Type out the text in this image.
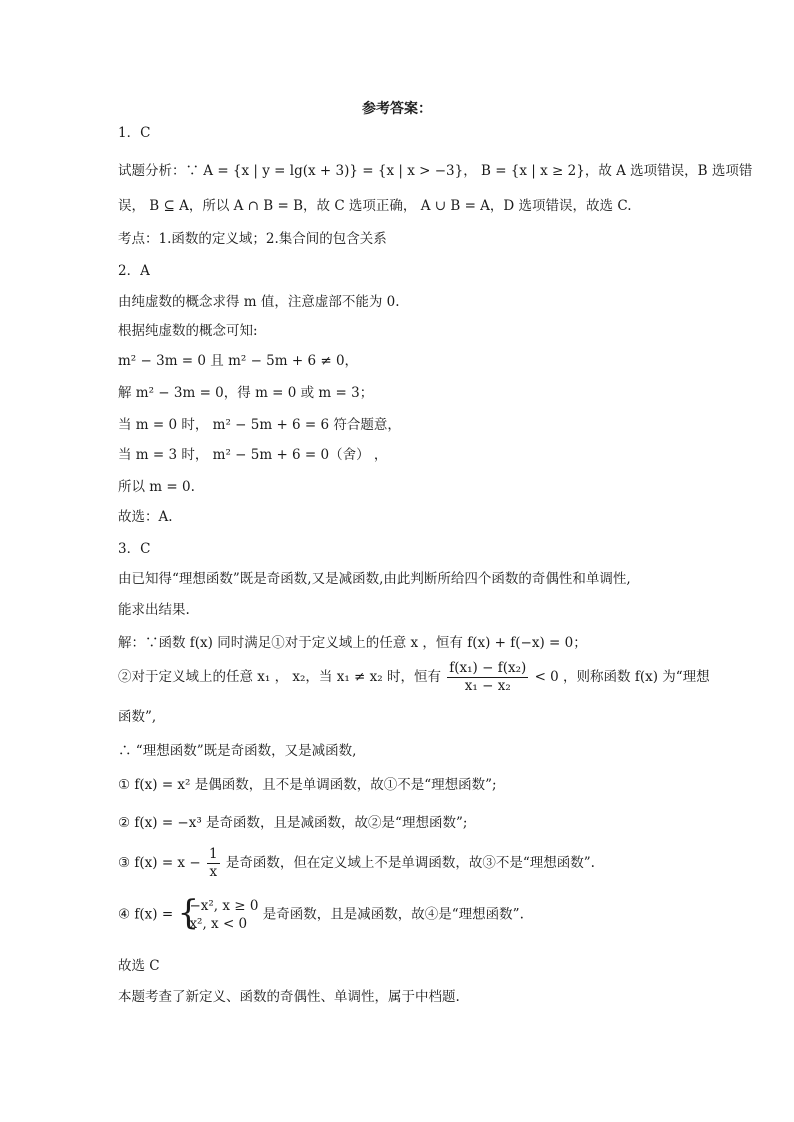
参考答案：
1．C
试题分析：∵ A = {x | y = lg(x + 3)} = {x | x > −3}， B = {x | x ≥ 2}，故 A 选项错误，B 选项错
误， B ⊆ A，所以 A ∩ B = B，故 C 选项正确， A ∪ B = A，D 选项错误，故选 C.
考点：1.函数的定义域；2.集合间的包含关系
2．A
由纯虚数的概念求得 m 值，注意虚部不能为 0.
根据纯虚数的概念可知:
m² − 3m = 0 且 m² − 5m + 6 ≠ 0，
解 m² − 3m = 0，得 m = 0 或 m = 3；
当 m = 0 时， m² − 5m + 6 = 6 符合题意，
当 m = 3 时， m² − 5m + 6 = 0（舍） ，
所以 m = 0.
故选：A.
3．C
由已知得“理想函数”既是奇函数,又是减函数,由此判断所给四个函数的奇偶性和单调性,
能求出结果.
解：∵函数 f(x) 同时满足①对于定义域上的任意 x ，恒有 f(x) + f(−x) = 0；
②对于定义域上的任意 x₁ ， x₂，当 x₁ ≠ x₂ 时，恒有 $\frac{\text{f(x₁) − f(x₂)}}{\text{x₁ − x₂}} < 0$ ，则称函数 f(x) 为“理想
函数”,
∴ “理想函数”既是奇函数，又是减函数,
① f(x) = x² 是偶函数，且不是单调函数，故①不是“理想函数”;
② f(x) = −x³ 是奇函数，且是减函数，故②是“理想函数”;
③ $f(x) = x - \frac{1}{x}$ 是奇函数，但在定义域上不是单调函数，故③不是“理想函数”.
④ f(x) = {
−x², x ≥ 0
x², x < 0
是奇函数，且是减函数，故④是“理想函数”.
故选 C
本题考查了新定义、函数的奇偶性、单调性，属于中档题.
